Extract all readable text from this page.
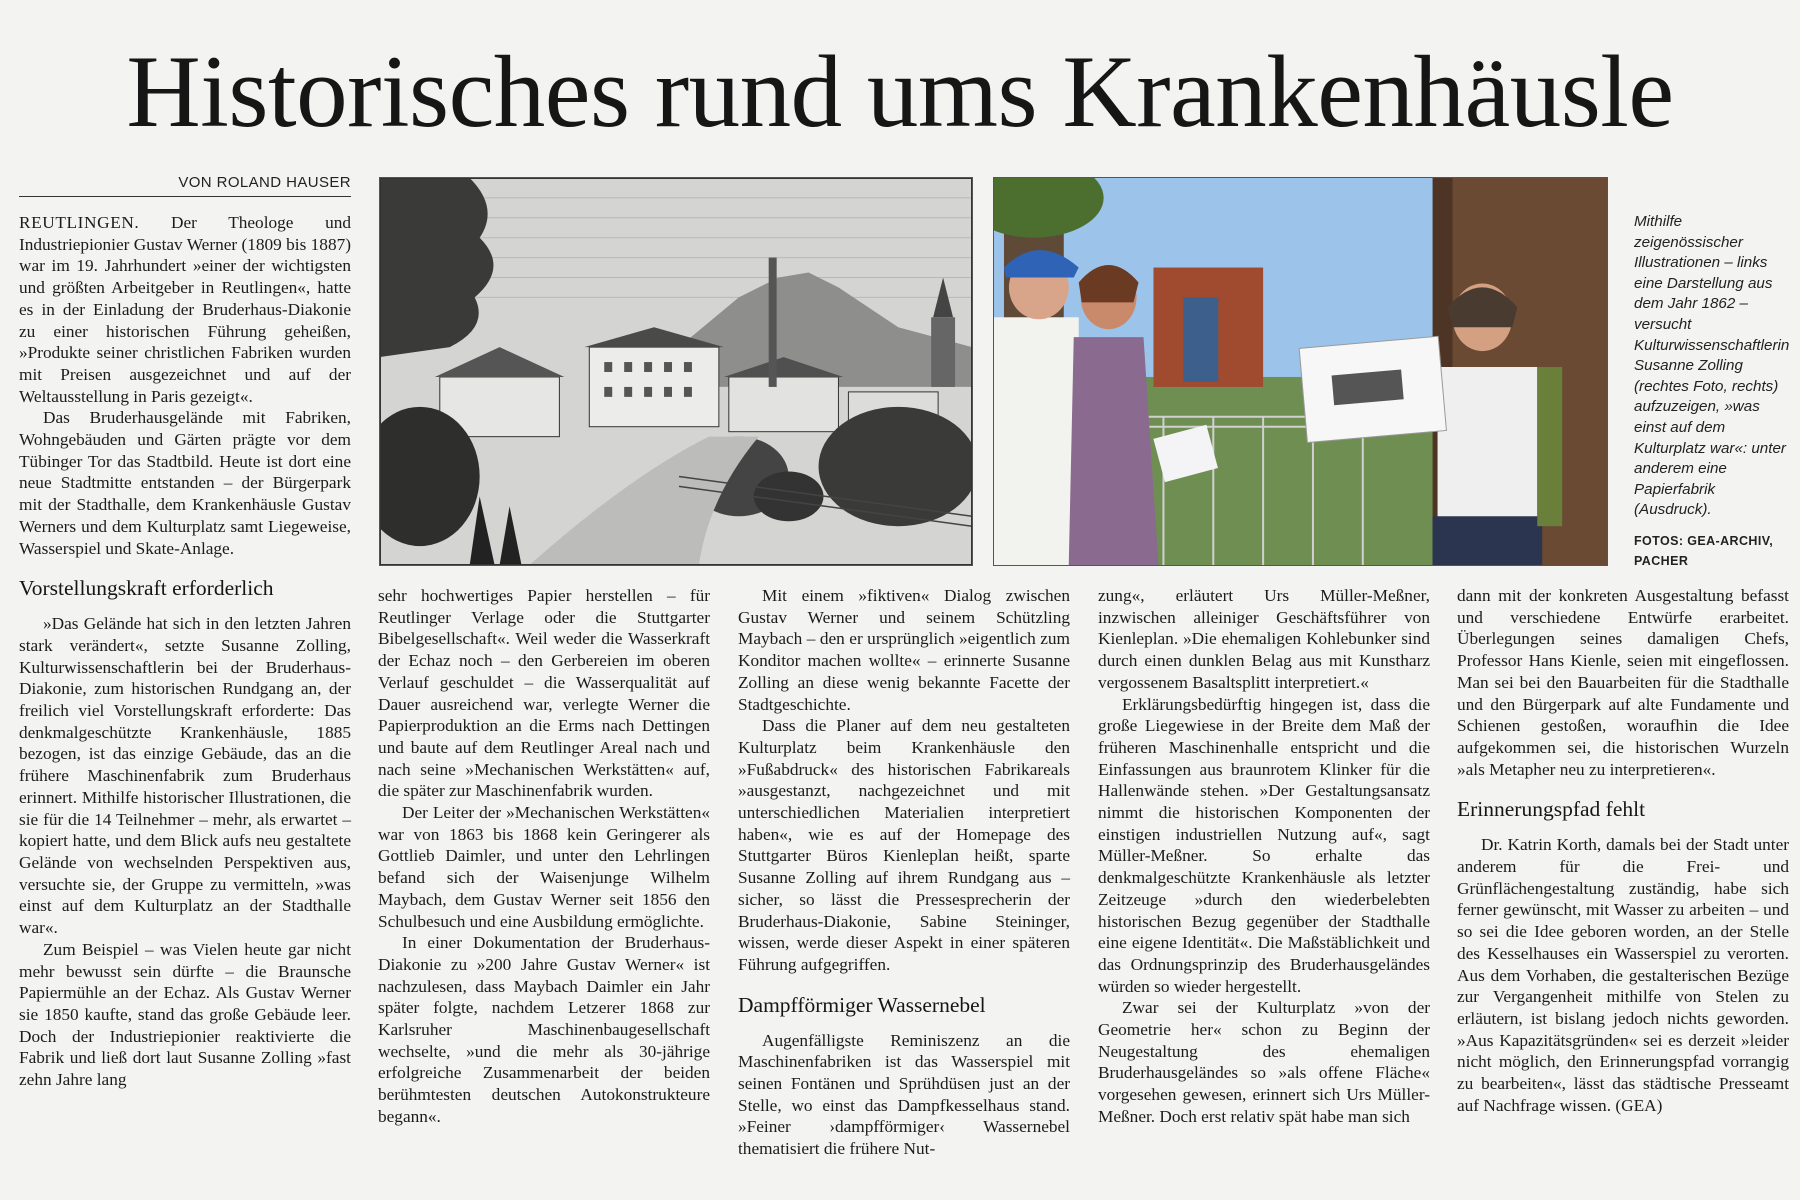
Historisches rund ums Krankenhäusle
VON ROLAND HAUSER

REUTLINGEN. Der Theologe und Industriepionier Gustav Werner (1809 bis 1887) war im 19. Jahrhundert »einer der wichtigsten und größten Arbeitgeber in Reutlingen«, hatte es in der Einladung der Bruderhaus-Diakonie zu einer historischen Führung geheißen, »Produkte seiner christlichen Fabriken wurden mit Preisen ausgezeichnet und auf der Weltausstellung in Paris gezeigt«.

Das Bruderhausgelände mit Fabriken, Wohngebäuden und Gärten prägte vor dem Tübinger Tor das Stadtbild. Heute ist dort eine neue Stadtmitte entstanden – der Bürgerpark mit der Stadthalle, dem Krankenhäusle Gustav Werners und dem Kulturplatz samt Liegeweise, Wasserspiel und Skate-Anlage.

Vorstellungskraft erforderlich

»Das Gelände hat sich in den letzten Jahren stark verändert«, setzte Susanne Zolling, Kulturwissenschaftlerin bei der Bruderhaus-Diakonie, zum historischen Rundgang an, der freilich viel Vorstellungskraft erforderte: Das denkmalgeschützte Krankenhäusle, 1885 bezogen, ist das einzige Gebäude, das an die frühere Maschinenfabrik zum Bruderhaus erinnert. Mithilfe historischer Illustrationen, die sie für die 14 Teilnehmer – mehr, als erwartet – kopiert hatte, und dem Blick aufs neu gestaltete Gelände von wechselnden Perspektiven aus, versuchte sie, der Gruppe zu vermitteln, »was einst auf dem Kulturplatz an der Stadthalle war«.

Zum Beispiel – was Vielen heute gar nicht mehr bewusst sein dürfte – die Braunsche Papiermühle an der Echaz. Als Gustav Werner sie 1850 kaufte, stand das große Gebäude leer. Doch der Industriepionier reaktivierte die Fabrik und ließ dort laut Susanne Zolling »fast zehn Jahre lang

Mithilfe zeigenössischer Illustrationen – links eine Darstellung aus dem Jahr 1862 – versucht Kulturwissenschaftlerin Susanne Zolling (rechtes Foto, rechts) aufzuzeigen, »was einst auf dem Kulturplatz war«: unter anderem eine Papierfabrik (Ausdruck).
FOTOS: GEA-ARCHIV, PACHER

sehr hochwertiges Papier herstellen – für Reutlinger Verlage oder die Stuttgarter Bibelgesellschaft«. Weil weder die Wasserkraft der Echaz noch – den Gerbereien im oberen Verlauf geschuldet – die Wasserqualität auf Dauer ausreichend war, verlegte Werner die Papierproduktion an die Erms nach Dettingen und baute auf dem Reutlinger Areal nach und nach seine »Mechanischen Werkstätten« auf, die später zur Maschinenfabrik wurden.

Der Leiter der »Mechanischen Werkstätten« war von 1863 bis 1868 kein Geringerer als Gottlieb Daimler, und unter den Lehrlingen befand sich der Waisenjunge Wilhelm Maybach, dem Gustav Werner seit 1856 den Schulbesuch und eine Ausbildung ermöglichte.

In einer Dokumentation der Bruderhaus-Diakonie zu »200 Jahre Gustav Werner« ist nachzulesen, dass Maybach Daimler ein Jahr später folgte, nachdem Letzerer 1868 zur Karlsruher Maschinenbaugesellschaft wechselte, »und die mehr als 30-jährige erfolgreiche Zusammenarbeit der beiden berühmtesten deutschen Autokonstrukteure begann«.

Mit einem »fiktiven« Dialog zwischen Gustav Werner und seinem Schützling Maybach – den er ursprünglich »eigentlich zum Konditor machen wollte« – erinnerte Susanne Zolling an diese wenig bekannte Facette der Stadtgeschichte.

Dass die Planer auf dem neu gestalteten Kulturplatz beim Krankenhäusle den »Fußabdruck« des historischen Fabrikareals »ausgestanzt, nachgezeichnet und mit unterschiedlichen Materialien interpretiert haben«, wie es auf der Homepage des Stuttgarter Büros Kienleplan heißt, sparte Susanne Zolling auf ihrem Rundgang aus – sicher, so lässt die Pressesprecherin der Bruderhaus-Diakonie, Sabine Steininger, wissen, werde dieser Aspekt in einer späteren Führung aufgegriffen.

Dampfförmiger Wassernebel

Augenfälligste Reminiszenz an die Maschinenfabriken ist das Wasserspiel mit seinen Fontänen und Sprühdüsen just an der Stelle, wo einst das Dampfkesselhaus stand. »Feiner ›dampfförmiger‹ Wassernebel thematisiert die frühere Nut-

zung«, erläutert Urs Müller-Meßner, inzwischen alleiniger Geschäftsführer von Kienleplan. »Die ehemaligen Kohlebunker sind durch einen dunklen Belag aus mit Kunstharz vergossenem Basaltsplitt interpretiert.«

Erklärungsbedürftig hingegen ist, dass die große Liegewiese in der Breite dem Maß der früheren Maschinenhalle entspricht und die Einfassungen aus braunrotem Klinker für die Hallenwände stehen. »Der Gestaltungsansatz nimmt die historischen Komponenten der einstigen industriellen Nutzung auf«, sagt Müller-Meßner. So erhalte das denkmalgeschützte Krankenhäusle als letzter Zeitzeuge »durch den wiederbelebten historischen Bezug gegenüber der Stadthalle eine eigene Identität«. Die Maßstäblichkeit und das Ordnungsprinzip des Bruderhausgeländes würden so wieder hergestellt.

Zwar sei der Kulturplatz »von der Geometrie her« schon zu Beginn der Neugestaltung des ehemaligen Bruderhausgeländes so »als offene Fläche« vorgesehen gewesen, erinnert sich Urs Müller-Meßner. Doch erst relativ spät habe man sich

dann mit der konkreten Ausgestaltung befasst und verschiedene Entwürfe erarbeitet. Überlegungen seines damaligen Chefs, Professor Hans Kienle, seien mit eingeflossen. Man sei bei den Bauarbeiten für die Stadthalle und den Bürgerpark auf alte Fundamente und Schienen gestoßen, woraufhin die Idee aufgekommen sei, die historischen Wurzeln »als Metapher neu zu interpretieren«.

Erinnerungspfad fehlt

Dr. Katrin Korth, damals bei der Stadt unter anderem für die Frei- und Grünflächengestaltung zuständig, habe sich ferner gewünscht, mit Wasser zu arbeiten – und so sei die Idee geboren worden, an der Stelle des Kesselhauses ein Wasserspiel zu verorten. Aus dem Vorhaben, die gestalterischen Bezüge zur Vergangenheit mithilfe von Stelen zu erläutern, ist bislang jedoch nichts geworden. »Aus Kapazitätsgründen« sei es derzeit »leider nicht möglich, den Erinnerungspfad vorrangig zu bearbeiten«, lässt das städtische Presseamt auf Nachfrage wissen. (GEA)
